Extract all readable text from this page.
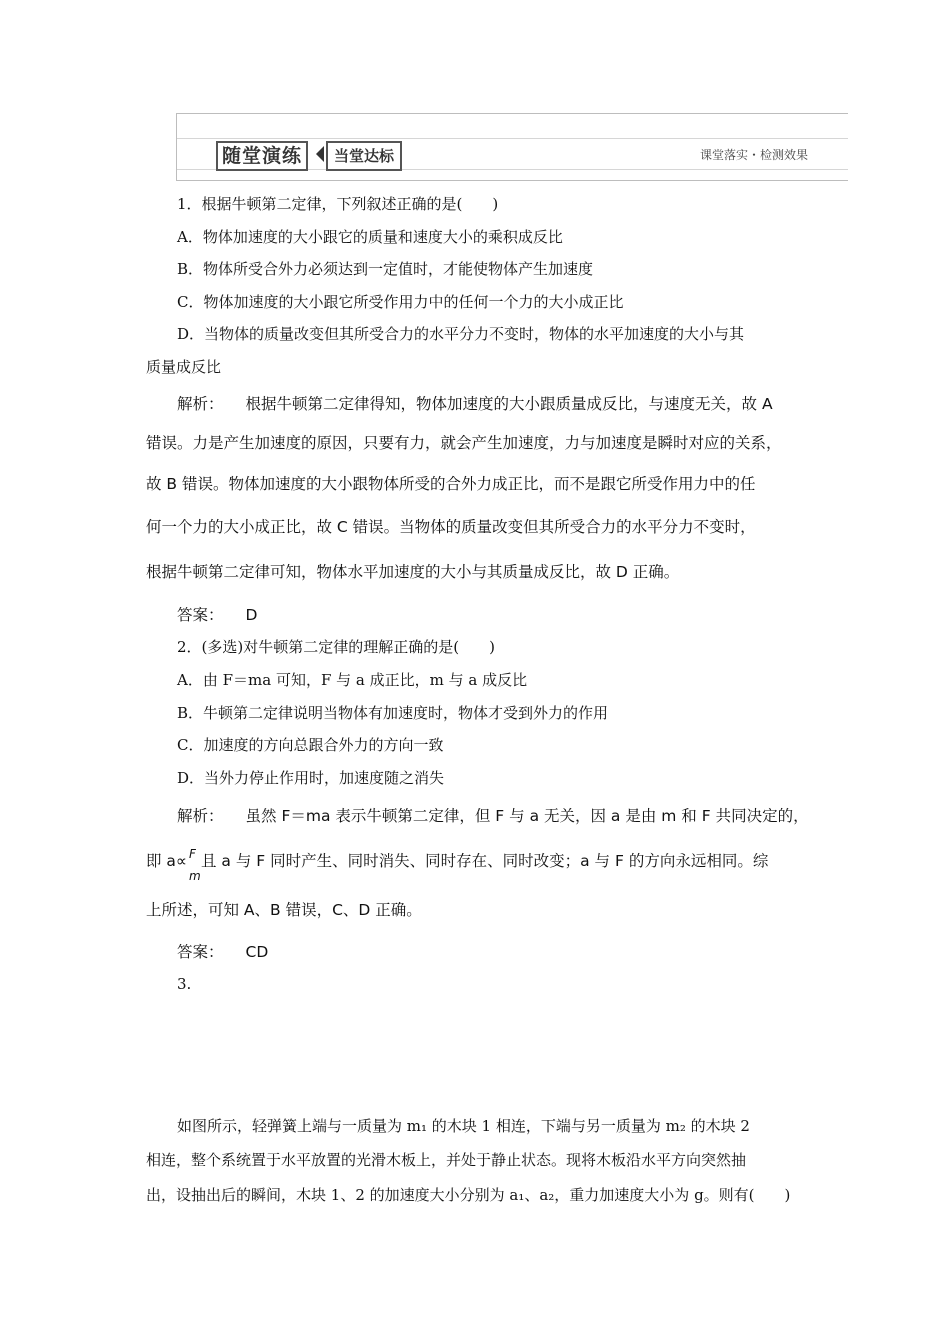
随堂演练	当堂达标	课堂落实・检测效果
1．根据牛顿第二定律，下列叙述正确的是(　　)
A．物体加速度的大小跟它的质量和速度大小的乘积成反比
B．物体所受合外力必须达到一定值时，才能使物体产生加速度
C．物体加速度的大小跟它所受作用力中的任何一个力的大小成正比
D．当物体的质量改变但其所受合力的水平分力不变时，物体的水平加速度的大小与其
质量成反比
解析： 根据牛顿第二定律得知，物体加速度的大小跟质量成反比，与速度无关，故 A
错误。力是产生加速度的原因，只要有力，就会产生加速度，力与加速度是瞬时对应的关系，
故 B 错误。物体加速度的大小跟物体所受的合外力成正比，而不是跟它所受作用力中的任
何一个力的大小成正比，故 C 错误。当物体的质量改变但其所受合力的水平分力不变时，
根据牛顿第二定律可知，物体水平加速度的大小与其质量成反比，故 D 正确。
答案： D
2．(多选)对牛顿第二定律的理解正确的是(　　)
A．由 F＝ma 可知，F 与 a 成正比，m 与 a 成反比
B．牛顿第二定律说明当物体有加速度时，物体才受到外力的作用
C．加速度的方向总跟合外力的方向一致
D．当外力停止作用时，加速度随之消失
解析： 虽然 F＝ma 表示牛顿第二定律，但 F 与 a 无关，因 a 是由 m 和 F 共同决定的，
即 a∝ F
m
且 a 与 F 同时产生、同时消失、同时存在、同时改变；a 与 F 的方向永远相同。综
上所述，可知 A、B 错误，C、D 正确。
答案： CD
3.
如图所示，轻弹簧上端与一质量为 m₁ 的木块 1 相连，下端与另一质量为 m₂ 的木块 2
相连，整个系统置于水平放置的光滑木板上，并处于静止状态。现将木板沿水平方向突然抽
出，设抽出后的瞬间，木块 1、2 的加速度大小分别为 a₁、a₂，重力加速度大小为 g。则有(　　)
